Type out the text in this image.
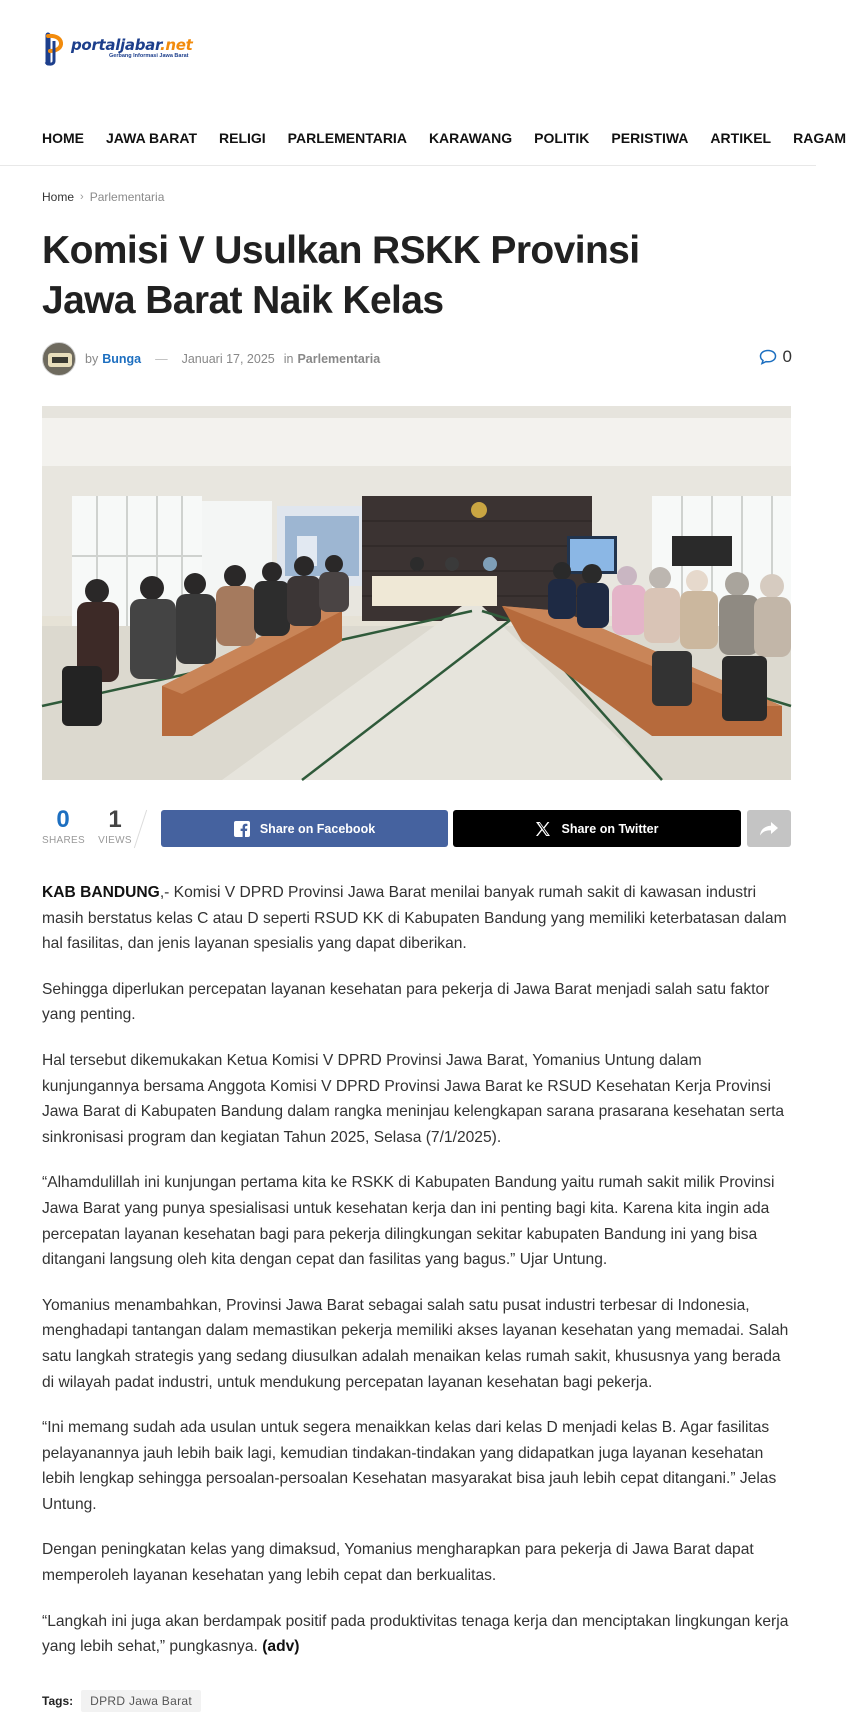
portaljabar.net
Gerbang Informasi Jawa Barat
HOME JAWA BARAT RELIGI PARLEMENTARIA KARAWANG POLITIK PERISTIWA ARTIKEL RAGAM
Home › Parlementaria
Komisi V Usulkan RSKK Provinsi Jawa Barat Naik Kelas
by Bunga — Januari 17, 2025 in Parlementaria	0
0
SHARES
1
VIEWS
Share on Facebook	Share on Twitter

KAB BANDUNG,- Komisi V DPRD Provinsi Jawa Barat menilai banyak rumah sakit di kawasan industri masih berstatus kelas C atau D seperti RSUD KK di Kabupaten Bandung yang memiliki keterbatasan dalam hal fasilitas, dan jenis layanan spesialis yang dapat diberikan.

Sehingga diperlukan percepatan layanan kesehatan para pekerja di Jawa Barat menjadi salah satu faktor yang penting.

Hal tersebut dikemukakan Ketua Komisi V DPRD Provinsi Jawa Barat, Yomanius Untung dalam kunjungannya bersama Anggota Komisi V DPRD Provinsi Jawa Barat ke RSUD Kesehatan Kerja Provinsi Jawa Barat di Kabupaten Bandung dalam rangka meninjau kelengkapan sarana prasarana kesehatan serta sinkronisasi program dan kegiatan Tahun 2025, Selasa (7/1/2025).

“Alhamdulillah ini kunjungan pertama kita ke RSKK di Kabupaten Bandung yaitu rumah sakit milik Provinsi Jawa Barat yang punya spesialisasi untuk kesehatan kerja dan ini penting bagi kita. Karena kita ingin ada percepatan layanan kesehatan bagi para pekerja dilingkungan sekitar kabupaten Bandung ini yang bisa ditangani langsung oleh kita dengan cepat dan fasilitas yang bagus.” Ujar Untung.

Yomanius menambahkan, Provinsi Jawa Barat sebagai salah satu pusat industri terbesar di Indonesia, menghadapi tantangan dalam memastikan pekerja memiliki akses layanan kesehatan yang memadai. Salah satu langkah strategis yang sedang diusulkan adalah menaikan kelas rumah sakit, khususnya yang berada di wilayah padat industri, untuk mendukung percepatan layanan kesehatan bagi pekerja.

“Ini memang sudah ada usulan untuk segera menaikkan kelas dari kelas D menjadi kelas B. Agar fasilitas pelayanannya jauh lebih baik lagi, kemudian tindakan-tindakan yang didapatkan juga layanan kesehatan lebih lengkap sehingga persoalan-persoalan Kesehatan masyarakat bisa jauh lebih cepat ditangani.” Jelas Untung.

Dengan peningkatan kelas yang dimaksud, Yomanius mengharapkan para pekerja di Jawa Barat dapat memperoleh layanan kesehatan yang lebih cepat dan berkualitas.

“Langkah ini juga akan berdampak positif pada produktivitas tenaga kerja dan menciptakan lingkungan kerja yang lebih sehat,” pungkasnya. (adv)

Tags:	DPRD Jawa Barat
